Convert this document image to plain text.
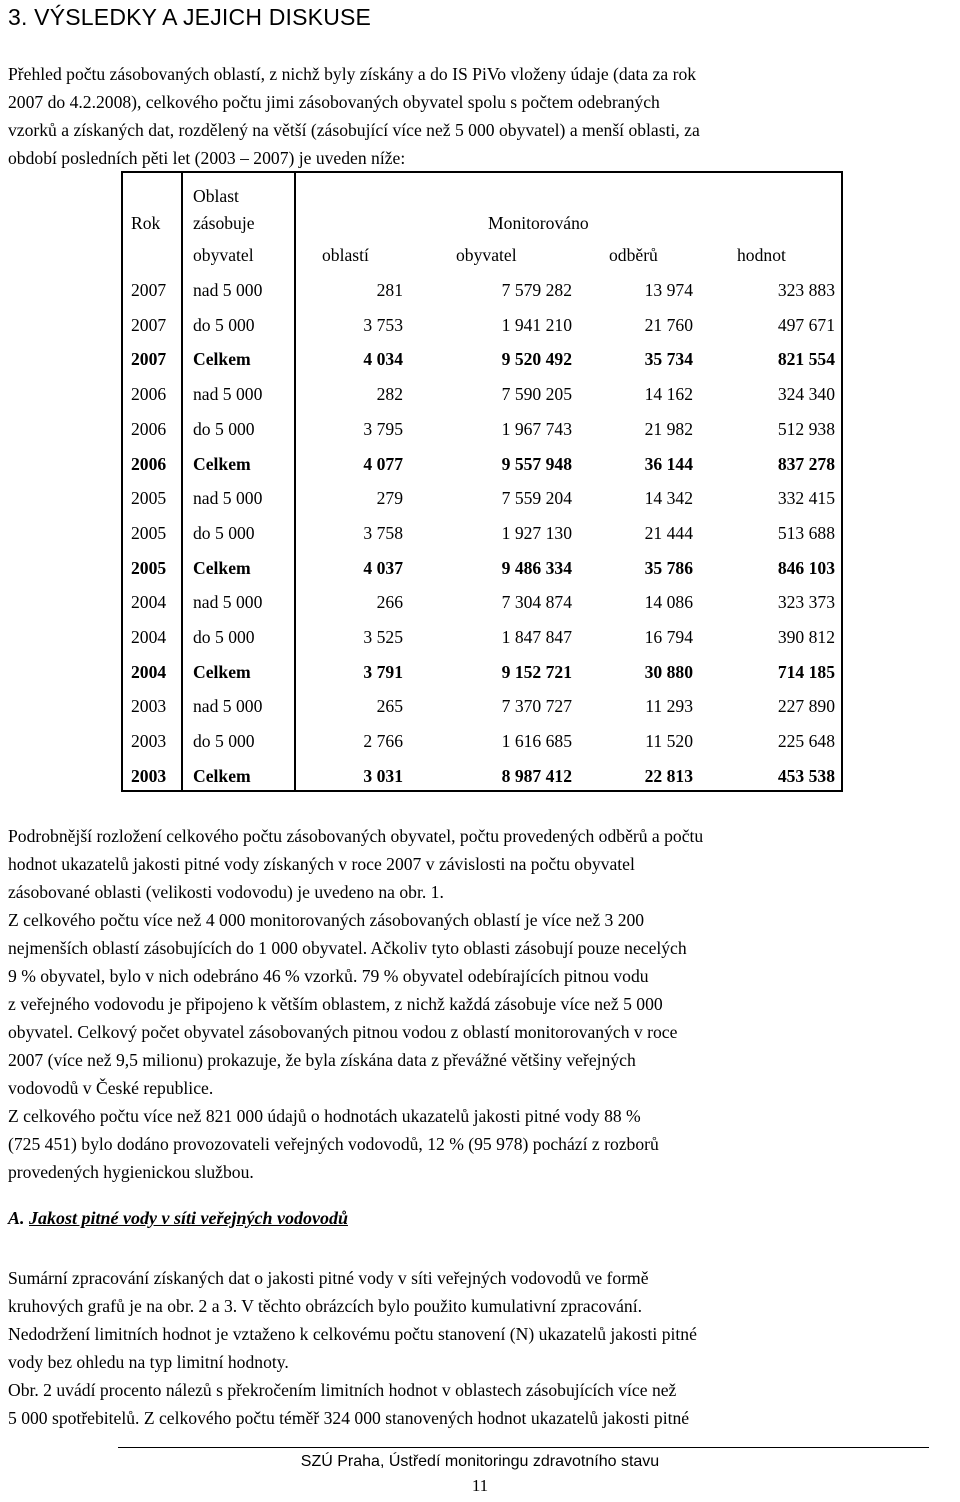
3. VÝSLEDKY A JEJICH DISKUSE

Přehled počtu zásobovaných oblastí, z nichž byly získány a do IS PiVo vloženy údaje (data za rok
2007 do 4.2.2008), celkového počtu jimi zásobovaných obyvatel spolu s počtem odebraných
vzorků a získaných dat, rozdělený na větší (zásobující více než 5 000 obyvatel) a menší oblasti, za
období posledních pěti let (2003 – 2007) je uveden níže:

Rok
Oblast
zásobuje	Monitorováno
obyvatel	oblastí	obyvatel	odběrů	hodnot
2007 nad 5 000	281	7 579 282	13 974	323 883
2007 do 5 000	3 753	1 941 210	21 760	497 671
2007 Celkem	4 034	9 520 492	35 734	821 554
2006 nad 5 000	282	7 590 205	14 162	324 340
2006 do 5 000	3 795	1 967 743	21 982	512 938
2006 Celkem	4 077	9 557 948	36 144	837 278
2005 nad 5 000	279	7 559 204	14 342	332 415
2005 do 5 000	3 758	1 927 130	21 444	513 688
2005 Celkem	4 037	9 486 334	35 786	846 103
2004 nad 5 000	266	7 304 874	14 086	323 373
2004 do 5 000	3 525	1 847 847	16 794	390 812
2004 Celkem	3 791	9 152 721	30 880	714 185
2003 nad 5 000	265	7 370 727	11 293	227 890
2003 do 5 000	2 766	1 616 685	11 520	225 648
2003 Celkem	3 031	8 987 412	22 813	453 538

Podrobnější rozložení celkového počtu zásobovaných obyvatel, počtu provedených odběrů a počtu
hodnot ukazatelů jakosti pitné vody získaných v roce 2007 v závislosti na počtu obyvatel
zásobované oblasti (velikosti vodovodu) je uvedeno na obr. 1.
Z celkového počtu více než 4 000 monitorovaných zásobovaných oblastí je více než 3 200
nejmenších oblastí zásobujících do 1 000 obyvatel. Ačkoliv tyto oblasti zásobují pouze necelých
9 % obyvatel, bylo v nich odebráno 46 % vzorků. 79 % obyvatel odebírajících pitnou vodu
z veřejného vodovodu je připojeno k větším oblastem, z nichž každá zásobuje více než 5 000
obyvatel. Celkový počet obyvatel zásobovaných pitnou vodou z oblastí monitorovaných v roce
2007 (více než 9,5 milionu) prokazuje, že byla získána data z převážné většiny veřejných
vodovodů v České republice.
Z celkového počtu více než 821 000 údajů o hodnotách ukazatelů jakosti pitné vody 88 %
(725 451) bylo dodáno provozovateli veřejných vodovodů, 12 % (95 978) pochází z rozborů
provedených hygienickou službou.

A. Jakost pitné vody v síti veřejných vodovodů

Sumární zpracování získaných dat o jakosti pitné vody v síti veřejných vodovodů ve formě
kruhových grafů je na obr. 2 a 3. V těchto obrázcích bylo použito kumulativní zpracování.
Nedodržení limitních hodnot je vztaženo k celkovému počtu stanovení (N) ukazatelů jakosti pitné
vody bez ohledu na typ limitní hodnoty.
Obr. 2 uvádí procento nálezů s překročením limitních hodnot v oblastech zásobujících více než
5 000 spotřebitelů. Z celkového počtu téměř 324 000 stanovených hodnot ukazatelů jakosti pitné

SZÚ Praha, Ústředí monitoringu zdravotního stavu
11
